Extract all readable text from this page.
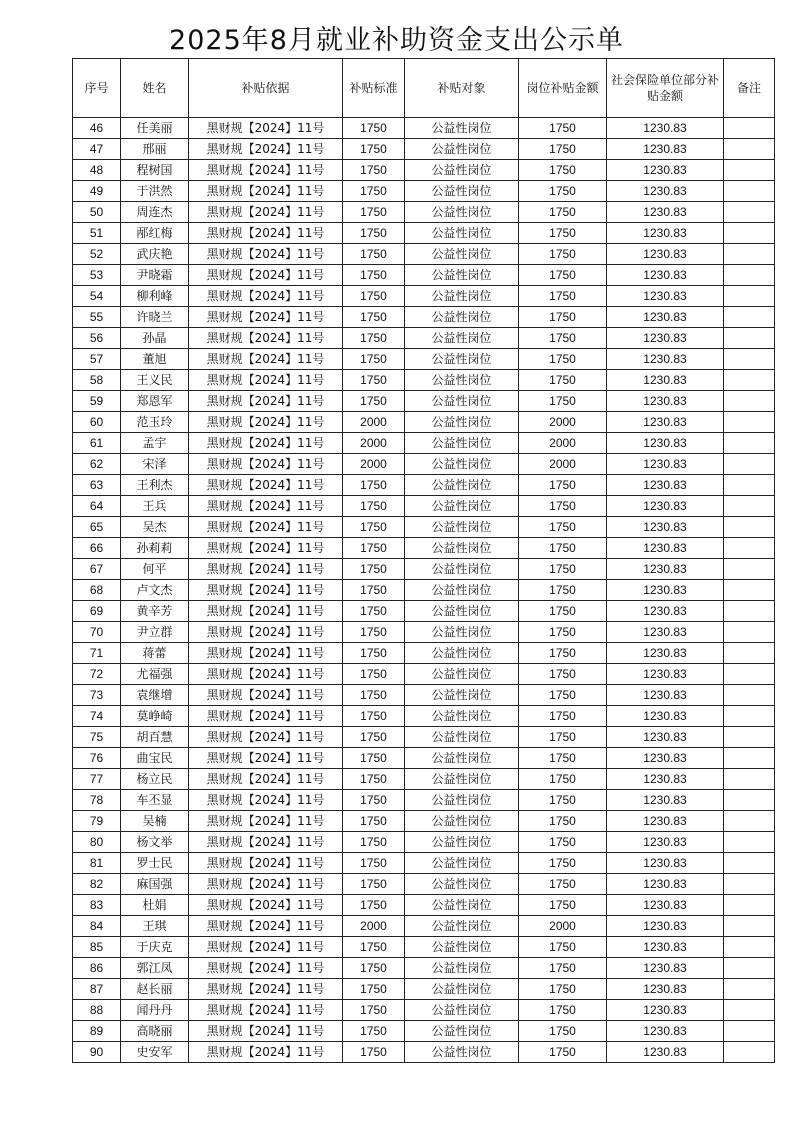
2025年8月就业补助资金支出公示单
序号	姓名	补贴依据	补贴标准	补贴对象	岗位补贴金额	社会保险单位部分补贴金额	备注
46	任美丽	黑财规【2024】11号	1750	公益性岗位	1750	1230.83	
47	邢丽	黑财规【2024】11号	1750	公益性岗位	1750	1230.83	
48	程树国	黑财规【2024】11号	1750	公益性岗位	1750	1230.83	
49	于洪然	黑财规【2024】11号	1750	公益性岗位	1750	1230.83	
50	周连杰	黑财规【2024】11号	1750	公益性岗位	1750	1230.83	
51	邴红梅	黑财规【2024】11号	1750	公益性岗位	1750	1230.83	
52	武庆艳	黑财规【2024】11号	1750	公益性岗位	1750	1230.83	
53	尹晓霜	黑财规【2024】11号	1750	公益性岗位	1750	1230.83	
54	柳利峰	黑财规【2024】11号	1750	公益性岗位	1750	1230.83	
55	许晓兰	黑财规【2024】11号	1750	公益性岗位	1750	1230.83	
56	孙晶	黑财规【2024】11号	1750	公益性岗位	1750	1230.83	
57	董旭	黑财规【2024】11号	1750	公益性岗位	1750	1230.83	
58	王义民	黑财规【2024】11号	1750	公益性岗位	1750	1230.83	
59	郑恩军	黑财规【2024】11号	1750	公益性岗位	1750	1230.83	
60	范玉玲	黑财规【2024】11号	2000	公益性岗位	2000	1230.83	
61	孟宇	黑财规【2024】11号	2000	公益性岗位	2000	1230.83	
62	宋泽	黑财规【2024】11号	2000	公益性岗位	2000	1230.83	
63	王利杰	黑财规【2024】11号	1750	公益性岗位	1750	1230.83	
64	王兵	黑财规【2024】11号	1750	公益性岗位	1750	1230.83	
65	吴杰	黑财规【2024】11号	1750	公益性岗位	1750	1230.83	
66	孙莉莉	黑财规【2024】11号	1750	公益性岗位	1750	1230.83	
67	何平	黑财规【2024】11号	1750	公益性岗位	1750	1230.83	
68	卢文杰	黑财规【2024】11号	1750	公益性岗位	1750	1230.83	
69	黄辛芳	黑财规【2024】11号	1750	公益性岗位	1750	1230.83	
70	尹立群	黑财规【2024】11号	1750	公益性岗位	1750	1230.83	
71	蒋蕾	黑财规【2024】11号	1750	公益性岗位	1750	1230.83	
72	尤福强	黑财规【2024】11号	1750	公益性岗位	1750	1230.83	
73	袁继增	黑财规【2024】11号	1750	公益性岗位	1750	1230.83	
74	莫峥崎	黑财规【2024】11号	1750	公益性岗位	1750	1230.83	
75	胡百慧	黑财规【2024】11号	1750	公益性岗位	1750	1230.83	
76	曲宝民	黑财规【2024】11号	1750	公益性岗位	1750	1230.83	
77	杨立民	黑财规【2024】11号	1750	公益性岗位	1750	1230.83	
78	车丕显	黑财规【2024】11号	1750	公益性岗位	1750	1230.83	
79	吴楠	黑财规【2024】11号	1750	公益性岗位	1750	1230.83	
80	杨文举	黑财规【2024】11号	1750	公益性岗位	1750	1230.83	
81	罗士民	黑财规【2024】11号	1750	公益性岗位	1750	1230.83	
82	麻国强	黑财规【2024】11号	1750	公益性岗位	1750	1230.83	
83	杜娟	黑财规【2024】11号	1750	公益性岗位	1750	1230.83	
84	王琪	黑财规【2024】11号	2000	公益性岗位	2000	1230.83	
85	于庆克	黑财规【2024】11号	1750	公益性岗位	1750	1230.83	
86	郭江凤	黑财规【2024】11号	1750	公益性岗位	1750	1230.83	
87	赵长丽	黑财规【2024】11号	1750	公益性岗位	1750	1230.83	
88	闻丹丹	黑财规【2024】11号	1750	公益性岗位	1750	1230.83	
89	高晓丽	黑财规【2024】11号	1750	公益性岗位	1750	1230.83	
90	史安军	黑财规【2024】11号	1750	公益性岗位	1750	1230.83	
